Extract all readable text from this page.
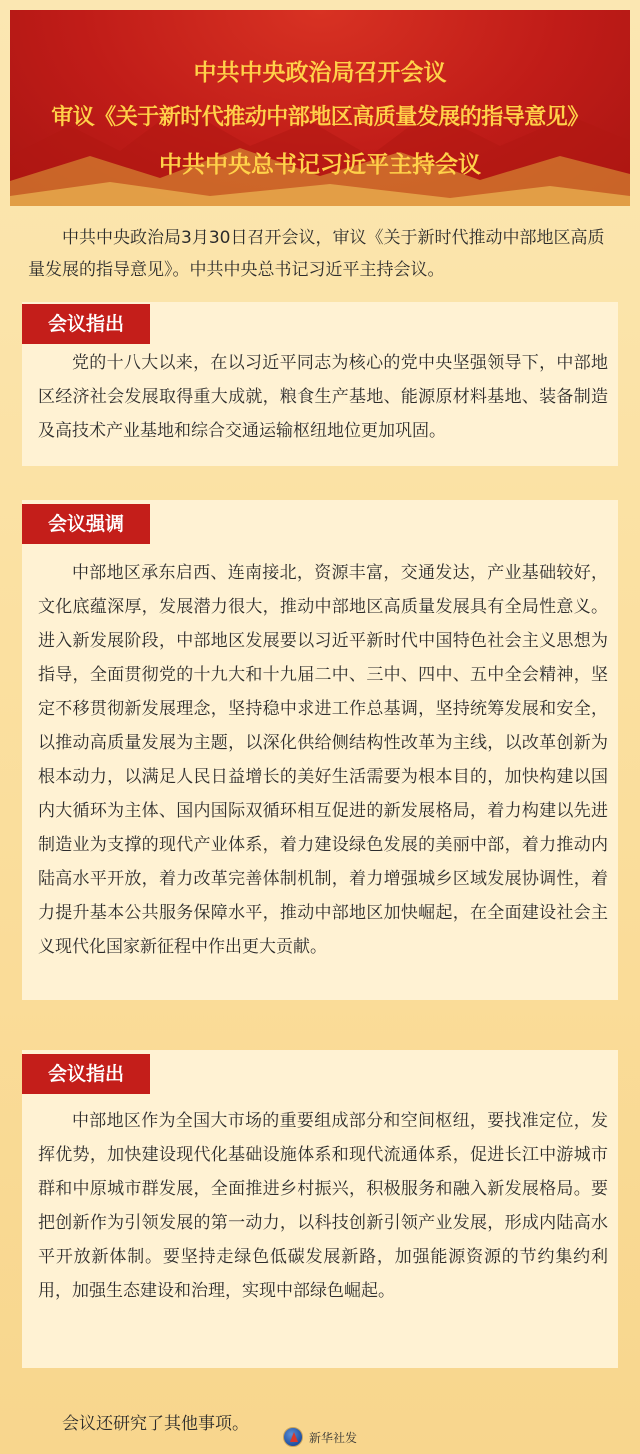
中共中央政治局召开会议
审议《关于新时代推动中部地区高质量发展的指导意见》
中共中央总书记习近平主持会议
中共中央政治局3月30日召开会议，审议《关于新时代推动中部地区高质量发展的指导意见》。中共中央总书记习近平主持会议。
会议指出
党的十八大以来，在以习近平同志为核心的党中央坚强领导下，中部地区经济社会发展取得重大成就，粮食生产基地、能源原材料基地、装备制造及高技术产业基地和综合交通运输枢纽地位更加巩固。
会议强调
中部地区承东启西、连南接北，资源丰富，交通发达，产业基础较好，文化底蕴深厚，发展潜力很大，推动中部地区高质量发展具有全局性意义。进入新发展阶段，中部地区发展要以习近平新时代中国特色社会主义思想为指导，全面贯彻党的十九大和十九届二中、三中、四中、五中全会精神，坚定不移贯彻新发展理念，坚持稳中求进工作总基调，坚持统筹发展和安全，以推动高质量发展为主题，以深化供给侧结构性改革为主线，以改革创新为根本动力，以满足人民日益增长的美好生活需要为根本目的，加快构建以国内大循环为主体、国内国际双循环相互促进的新发展格局，着力构建以先进制造业为支撑的现代产业体系，着力建设绿色发展的美丽中部，着力推动内陆高水平开放，着力改革完善体制机制，着力增强城乡区域发展协调性，着力提升基本公共服务保障水平，推动中部地区加快崛起，在全面建设社会主义现代化国家新征程中作出更大贡献。
会议指出
中部地区作为全国大市场的重要组成部分和空间枢纽，要找准定位，发挥优势，加快建设现代化基础设施体系和现代流通体系，促进长江中游城市群和中原城市群发展，全面推进乡村振兴，积极服务和融入新发展格局。要把创新作为引领发展的第一动力，以科技创新引领产业发展，形成内陆高水平开放新体制。要坚持走绿色低碳发展新路，加强能源资源的节约集约利用，加强生态建设和治理，实现中部绿色崛起。
会议还研究了其他事项。
新华社发
